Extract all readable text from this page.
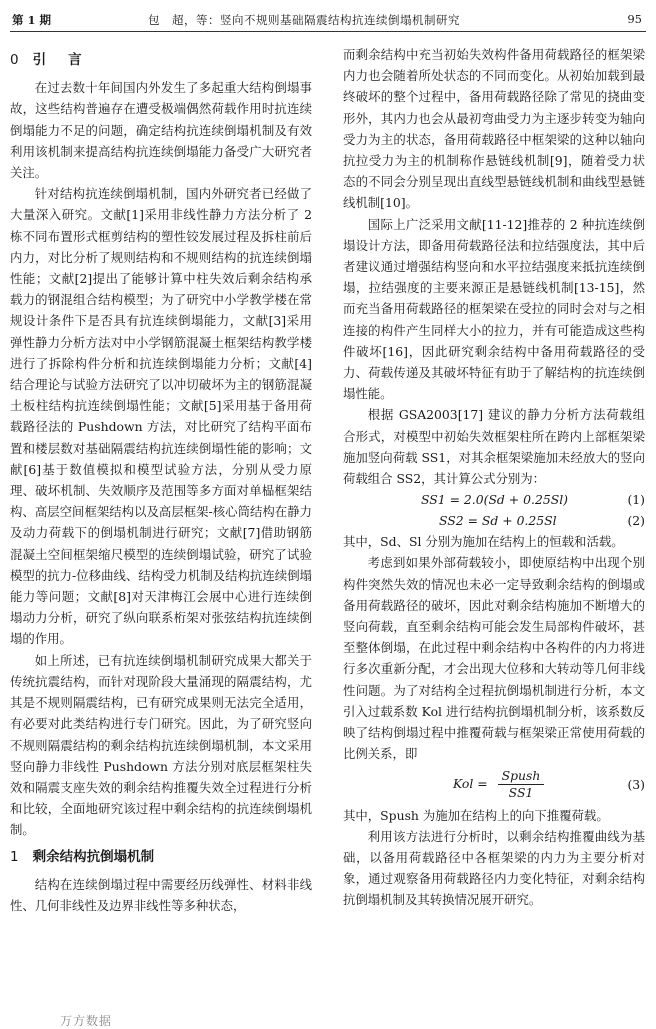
第 1 期	包　超，等：竖向不规则基础隔震结构抗连续倒塌机制研究	95
0 引言

在过去数十年间国内外发生了多起重大结构倒塌事故，这些结构普遍存在遭受极端偶然荷载作用时抗连续倒塌能力不足的问题，确定结构抗连续倒塌机制及有效利用该机制来提高结构抗连续倒塌能力备受广大研究者关注。

针对结构抗连续倒塌机制，国内外研究者已经做了大量深入研究。文献[1]采用非线性静力方法分析了 2 栋不同布置形式框剪结构的塑性铰发展过程及拆柱前后内力，对比分析了规则结构和不规则结构的抗连续倒塌性能；文献[2]提出了能够计算中柱失效后剩余结构承载力的钢混组合结构模型；为了研究中小学教学楼在常规设计条件下是否具有抗连续倒塌能力，文献[3]采用弹性静力分析方法对中小学钢筋混凝土框架结构教学楼进行了拆除构件分析和抗连续倒塌能力分析；文献[4]结合理论与试验方法研究了以冲切破坏为主的钢筋混凝土板柱结构抗连续倒塌性能；文献[5]采用基于备用荷载路径法的 Pushdown 方法，对比研究了结构平面布置和楼层数对基础隔震结构抗连续倒塌性能的影响；文献[6]基于数值模拟和模型试验方法，分别从受力原理、破坏机制、失效顺序及范围等多方面对单榀框架结构、高层空间框架结构以及高层框架-核心筒结构在静力及动力荷载下的倒塌机制进行研究；文献[7]借助钢筋混凝土空间框架缩尺模型的连续倒塌试验，研究了试验模型的抗力-位移曲线、结构受力机制及结构抗连续倒塌能力等问题；文献[8]对天津梅江会展中心进行连续倒塌动力分析，研究了纵向联系桁架对张弦结构抗连续倒塌的作用。

如上所述，已有抗连续倒塌机制研究成果大都关于传统抗震结构，而针对现阶段大量涌现的隔震结构，尤其是不规则隔震结构，已有研究成果则无法完全适用，有必要对此类结构进行专门研究。因此，为了研究竖向不规则隔震结构的剩余结构抗连续倒塌机制，本文采用竖向静力非线性 Pushdown 方法分别对底层框架柱失效和隔震支座失效的剩余结构推覆失效全过程进行分析和比较，全面地研究该过程中剩余结构的抗连续倒塌机制。

1 剩余结构抗倒塌机制

结构在连续倒塌过程中需要经历线弹性、材料非线性、几何非线性及边界非线性等多种状态，

而剩余结构中充当初始失效构件备用荷载路径的框架梁内力也会随着所处状态的不同而变化。从初始加载到最终破坏的整个过程中，备用荷载路径除了常见的挠曲变形外，其内力也会从最初弯曲受力为主逐步转变为轴向受力为主的状态，备用荷载路径中框架梁的这种以轴向抗拉受力为主的机制称作悬链线机制[9]，随着受力状态的不同会分别呈现出直线型悬链线机制和曲线型悬链线机制[10]。

国际上广泛采用文献[11-12]推荐的 2 种抗连续倒塌设计方法，即备用荷载路径法和拉结强度法，其中后者建议通过增强结构竖向和水平拉结强度来抵抗连续倒塌，拉结强度的主要来源正是悬链线机制[13-15]，然而充当备用荷载路径的框架梁在受拉的同时会对与之相连接的构件产生同样大小的拉力，并有可能造成这些构件破坏[16]，因此研究剩余结构中备用荷载路径的受力、荷载传递及其破坏特征有助于了解结构的抗连续倒塌性能。

根据 GSA2003[17] 建议的静力分析方法荷载组合形式，对模型中初始失效框架柱所在跨内上部框架梁施加竖向荷载 SS1，对其余框架梁施加未经放大的竖向荷载组合 SS2，其计算公式分别为：

SS1 = 2.0(Sd + 0.25Sl)	(1)
SS2 = Sd + 0.25Sl	(2)

其中，Sd、Sl 分别为施加在结构上的恒载和活载。

考虑到如果外部荷载较小，即使原结构中出现个别构件突然失效的情况也未必一定导致剩余结构的倒塌或备用荷载路径的破坏，因此对剩余结构施加不断增大的竖向荷载，直至剩余结构可能会发生局部构件破坏，甚至整体倒塌，在此过程中剩余结构中各构件的内力将进行多次重新分配，才会出现大位移和大转动等几何非线性问题。为了对结构全过程抗倒塌机制进行分析，本文引入过载系数 Kol 进行结构抗倒塌机制分析，该系数反映了结构倒塌过程中推覆荷载与框架梁正常使用荷载的比例关系，即

Kol = $\frac{\text{Spush}}{SS1}$	(3)

其中，Spush 为施加在结构上的向下推覆荷载。

利用该方法进行分析时，以剩余结构推覆曲线为基础，以备用荷载路径中各框架梁的内力为主要分析对象，通过观察备用荷载路径内力变化特征，对剩余结构抗倒塌机制及其转换情况展开研究。

万方数据
